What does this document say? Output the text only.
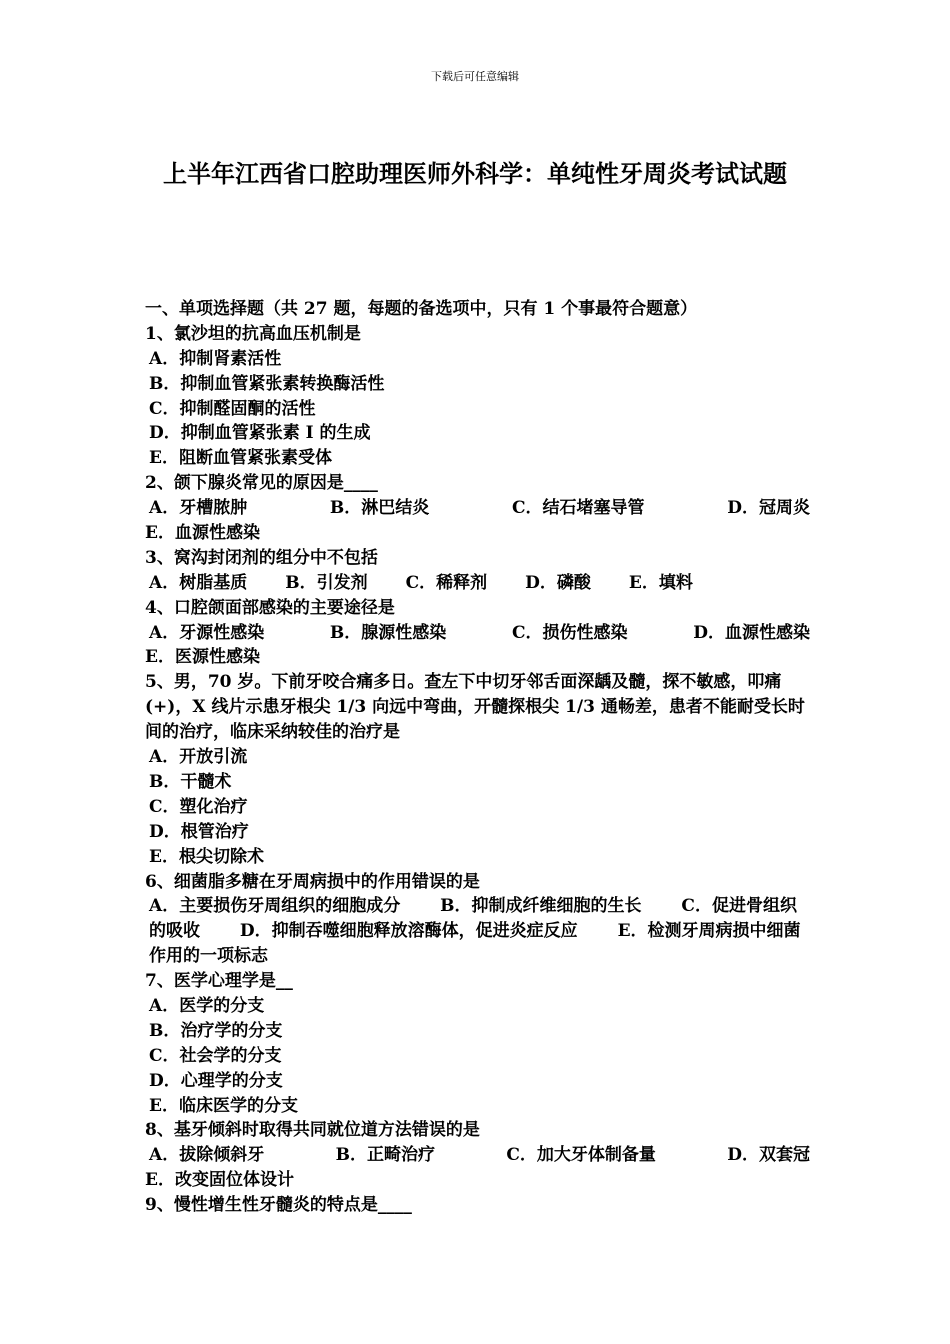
下载后可任意编辑
上半年江西省口腔助理医师外科学：单纯性牙周炎考试试题
一、单项选择题（共 27 题，每题的备选项中，只有 1 个事最符合题意）
1、氯沙坦的抗高血压机制是
A．抑制肾素活性
B．抑制血管紧张素转换酶活性
C．抑制醛固酮的活性
D．抑制血管紧张素 I 的生成
E．阻断血管紧张素受体
2、颌下腺炎常见的原因是____
A．牙槽脓肿	B．淋巴结炎	C．结石堵塞导管	D．冠周炎
E．血源性感染
3、窝沟封闭剂的组分中不包括
A．树脂基质 B．引发剂 C．稀释剂 D．磷酸 E．填料
4、口腔颌面部感染的主要途径是
A．牙源性感染	B．腺源性感染	C．损伤性感染	D．血源性感染
E．医源性感染
5、男，70 岁。下前牙咬合痛多日。查左下中切牙邻舌面深龋及髓，探不敏感，叩痛(+)，X 线片示患牙根尖 1/3 向远中弯曲，开髓探根尖 1/3 通畅差，患者不能耐受长时间的治疗，临床采纳较佳的治疗是
A．开放引流
B．干髓术
C．塑化治疗
D．根管治疗
E．根尖切除术
6、细菌脂多糖在牙周病损中的作用错误的是
A．主要损伤牙周组织的细胞成分　　 B．抑制成纤维细胞的生长　　 C．促进骨组织的吸收　　 D．抑制吞噬细胞释放溶酶体，促进炎症反应　　 E．检测牙周病损中细菌作用的一项标志
7、医学心理学是__
A．医学的分支
B．治疗学的分支
C．社会学的分支
D．心理学的分支
E．临床医学的分支
8、基牙倾斜时取得共同就位道方法错误的是
A．拔除倾斜牙	B．正畸治疗	C．加大牙体制备量	D．双套冠
E．改变固位体设计
9、慢性增生性牙髓炎的特点是____
